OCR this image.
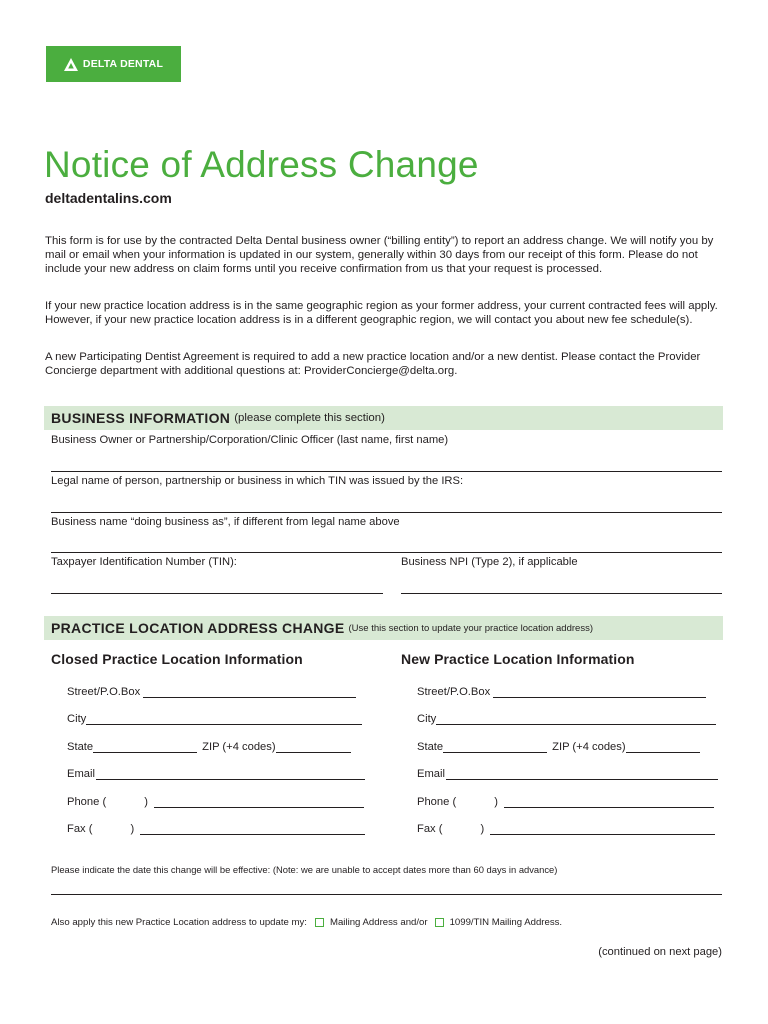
DELTA DENTAL
Notice of Address Change
deltadentalins.com

This form is for use by the contracted Delta Dental business owner (“billing entity”) to report an address change. We will notify you by mail or email when your information is updated in our system, generally within 30 days from our receipt of this form. Please do not include your new address on claim forms until you receive confirmation from us that your request is processed.

If your new practice location address is in the same geographic region as your former address, your current contracted fees will apply. However, if your new practice location address is in a different geographic region, we will contact you about new fee schedule(s).

A new Participating Dentist Agreement is required to add a new practice location and/or a new dentist. Please contact the Provider Concierge department with additional questions at: ProviderConcierge@delta.org.

BUSINESS INFORMATION (please complete this section)
Business Owner or Partnership/Corporation/Clinic Officer (last name, first name)
Legal name of person, partnership or business in which TIN was issued by the IRS:
Business name “doing business as”, if different from legal name above
Taxpayer Identification Number (TIN):	Business NPI (Type 2), if applicable
PRACTICE LOCATION ADDRESS CHANGE (Use this section to update your practice location address)
Closed Practice Location Information	New Practice Location Information
Street/P.O.Box
City
State	ZIP (+4 codes)
Email
Phone (	)
Fax (	)
Street/P.O.Box
City
State	ZIP (+4 codes)
Email
Phone (	)
Fax (	)
Please indicate the date this change will be effective: (Note: we are unable to accept dates more than 60 days in advance)
Also apply this new Practice Location address to update my: Mailing Address and/or 1099/TIN Mailing Address.
(continued on next page)
